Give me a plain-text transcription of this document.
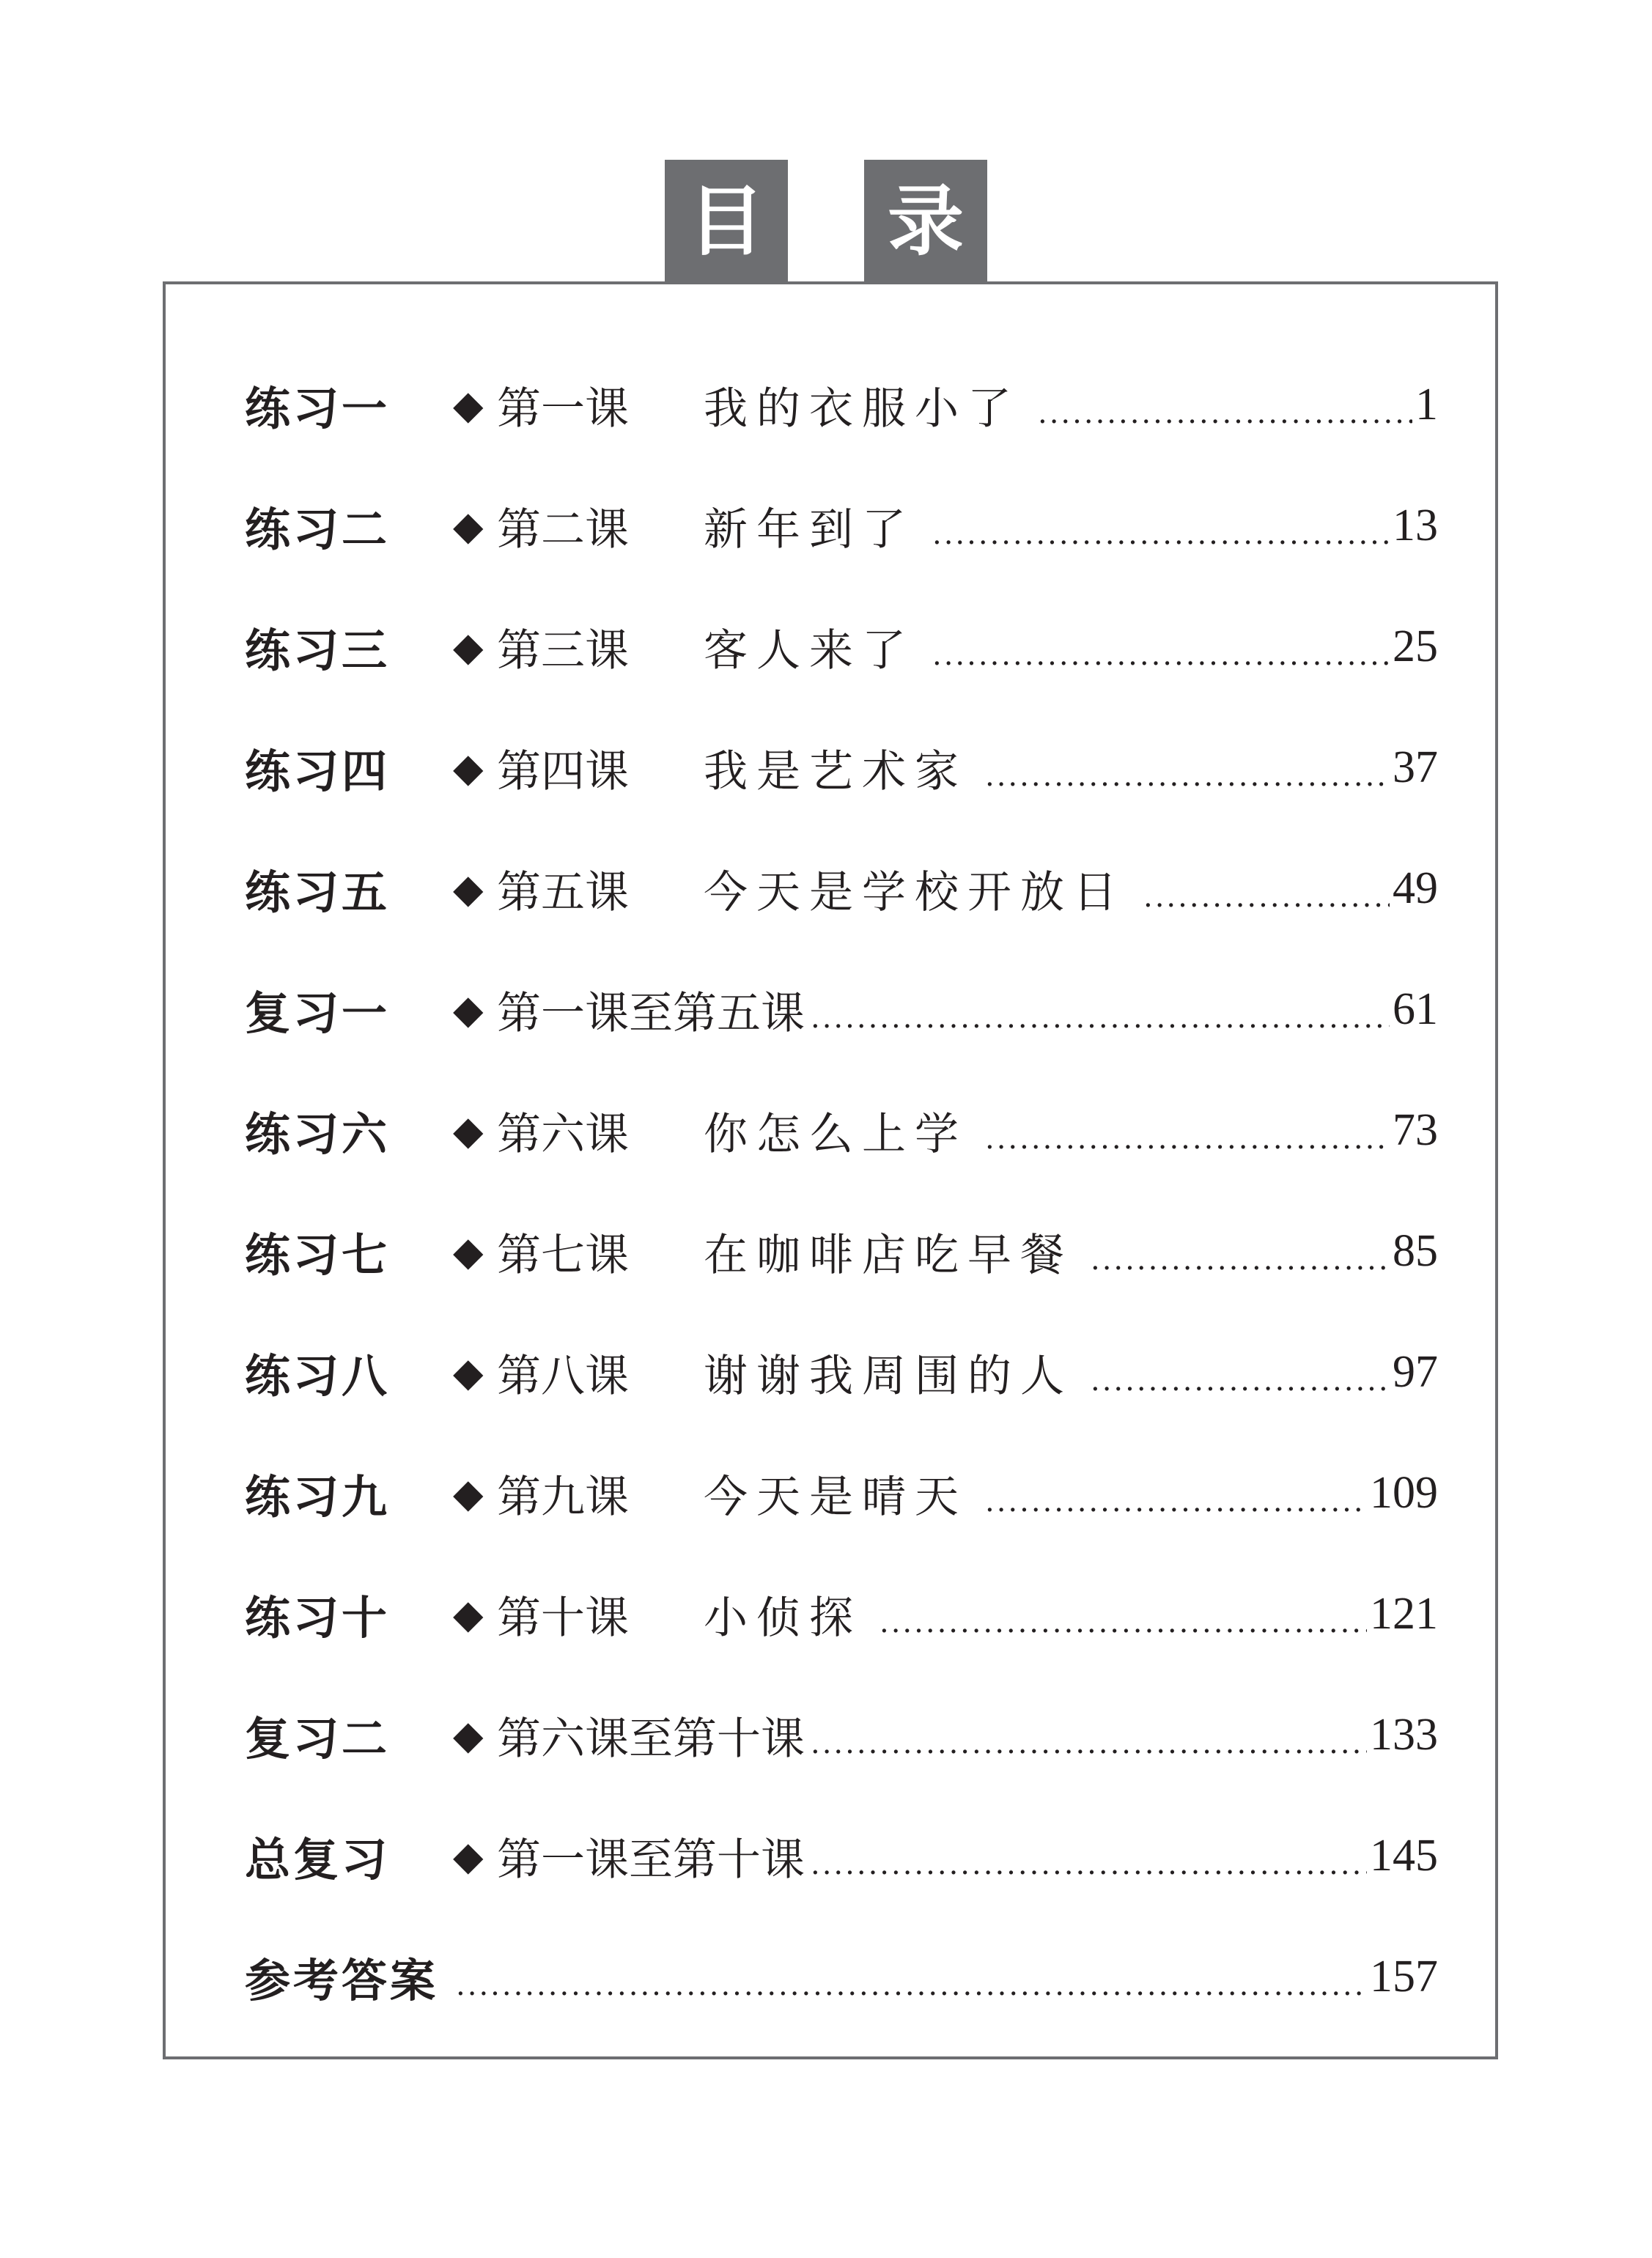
目	录
练习一	◆ 第一课	我的衣服小了 .....	1
练习二	◆ 第二课	新年到了 .....	13
练习三	◆ 第三课	客人来了 .....	25
练习四	◆ 第四课	我是艺术家 .....	37
练习五	◆ 第五课	今天是学校开放日 .....	49
复习一	◆ 第一课至第五课 .....	61
练习六	◆ 第六课	你怎么上学 .....	73
练习七	◆ 第七课	在咖啡店吃早餐 .....	85
练习八	◆ 第八课	谢谢我周围的人 .....	97
练习九	◆ 第九课	今天是晴天 .....	109
练习十	◆ 第十课	小侦探 .....	121
复习二	◆ 第六课至第十课 .....	133
总复习	◆ 第一课至第十课 .....	145
参考答案 .....	157
